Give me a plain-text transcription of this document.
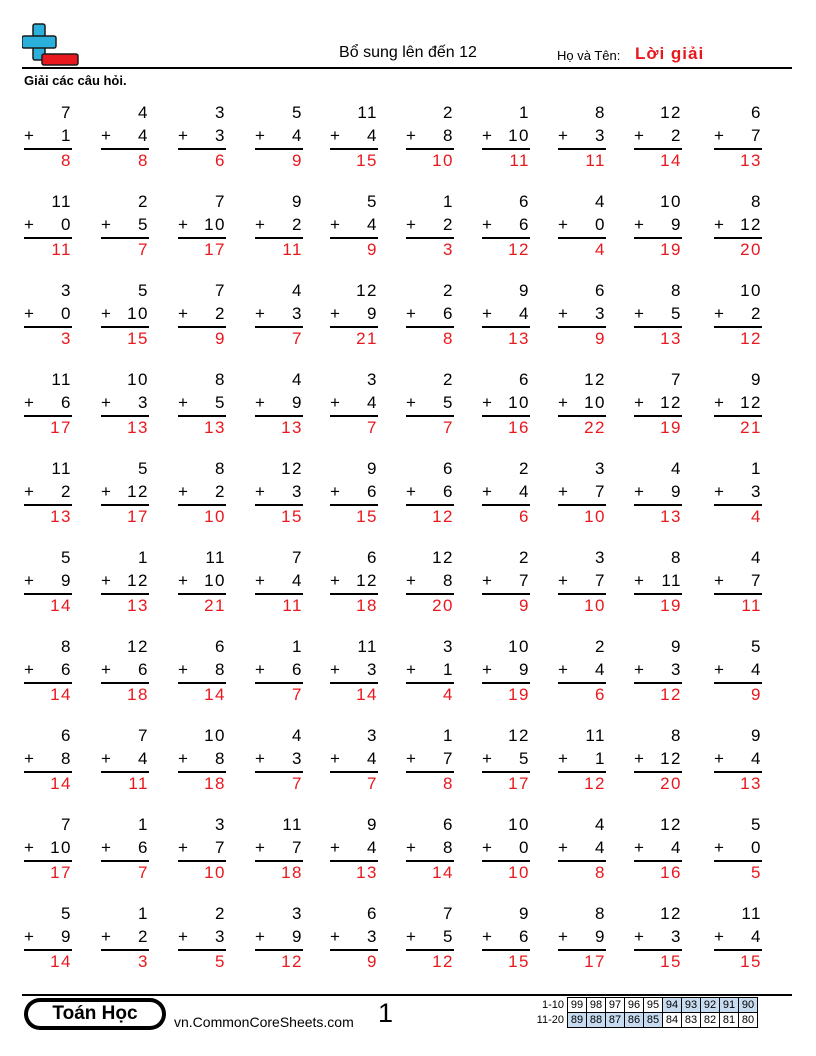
Bổ sung lên đến 12	Họ và Tên: Lời giải
Giải các câu hỏi.
7
+ 1
8
4
+ 4
8
3
+ 3
6
5
+ 4
9
11
+ 4
15
2
+ 8
10
1
+ 10
11
8
+ 3
11
12
+ 2
14
6
+ 7
13
11
+ 0
11
2
+ 5
7
7
+ 10
17
9
+ 2
11
5
+ 4
9
1
+ 2
3
6
+ 6
12
4
+ 0
4
10
+ 9
19
8
+ 12
20
3
+ 0
3
5
+ 10
15
7
+ 2
9
4
+ 3
7
12
+ 9
21
2
+ 6
8
9
+ 4
13
6
+ 3
9
8
+ 5
13
10
+ 2
12
11
+ 6
17
10
+ 3
13
8
+ 5
13
4
+ 9
13
3
+ 4
7
2
+ 5
7
6
+ 10
16
12
+ 10
22
7
+ 12
19
9
+ 12
21
11
+ 2
13
5
+ 12
17
8
+ 2
10
12
+ 3
15
9
+ 6
15
6
+ 6
12
2
+ 4
6
3
+ 7
10
4
+ 9
13
1
+ 3
4
5
+ 9
14
1
+ 12
13
11
+ 10
21
7
+ 4
11
6
+ 12
18
12
+ 8
20
2
+ 7
9
3
+ 7
10
8
+ 11
19
4
+ 7
11
8
+ 6
14
12
+ 6
18
6
+ 8
14
1
+ 6
7
11
+ 3
14
3
+ 1
4
10
+ 9
19
2
+ 4
6
9
+ 3
12
5
+ 4
9
6
+ 8
14
7
+ 4
11
10
+ 8
18
4
+ 3
7
3
+ 4
7
1
+ 7
8
12
+ 5
17
11
+ 1
12
8
+ 12
20
9
+ 4
13
7
+ 10
17
1
+ 6
7
3
+ 7
10
11
+ 7
18
9
+ 4
13
6
+ 8
14
10
+ 0
10
4
+ 4
8
12
+ 4
16
5
+ 0
5
5
+ 9
14
1
+ 2
3
2
+ 3
5
3
+ 9
12
6
+ 3
9
7
+ 5
12
9
+ 6
15
8
+ 9
17
12
+ 3
15
11
+ 4
15
Toán Học	vn.CommonCoreSheets.com 1	1-10	99	98	97	96	95	94	93	92	91	90
11-20	89	88	87	86	85	84	83	82	81	80
